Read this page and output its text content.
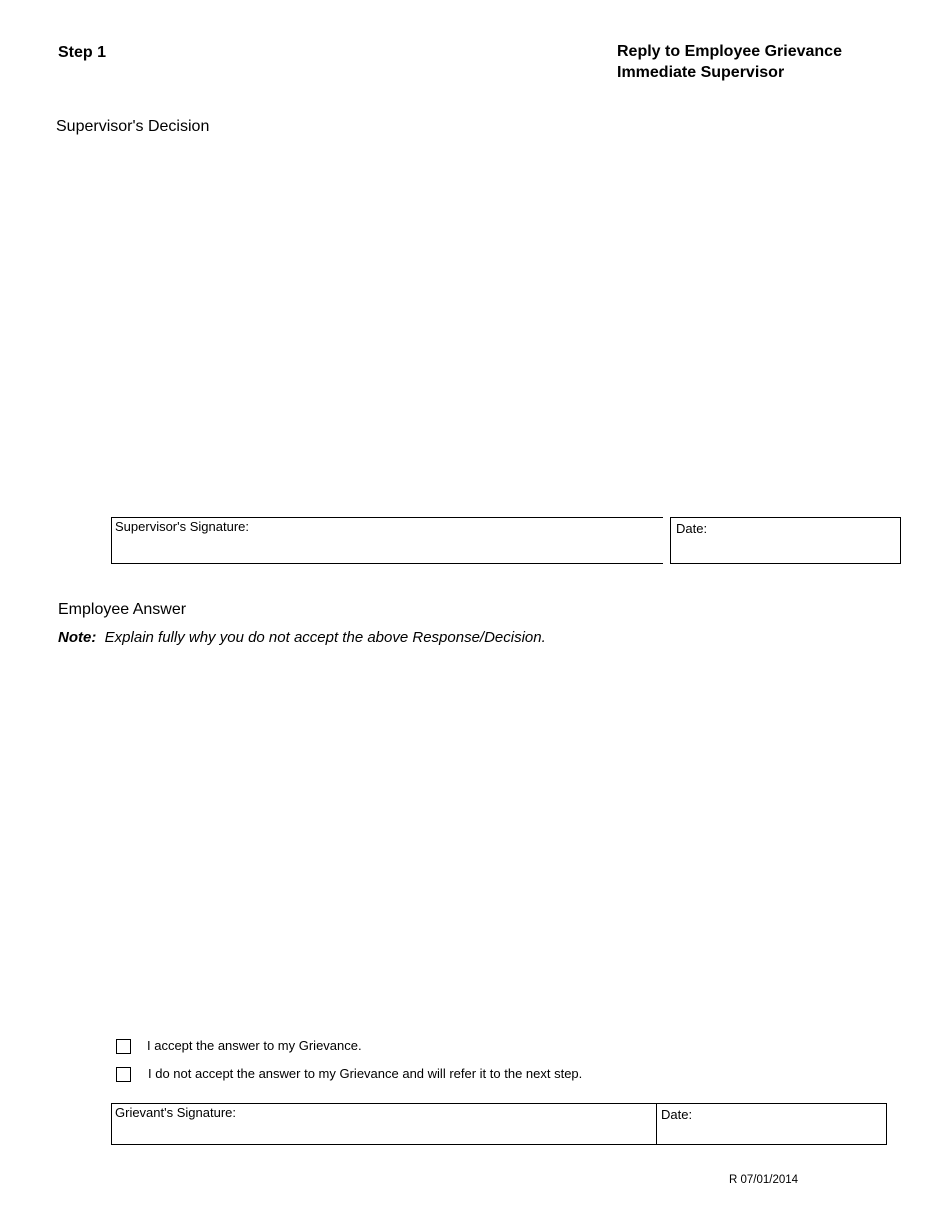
Step 1	Reply to Employee Grievance
Immediate Supervisor
Supervisor's Decision
Supervisor's Signature:	Date:
Employee Answer
Note: Explain fully why you do not accept the above Response/Decision.
I accept the answer to my Grievance.
I do not accept the answer to my Grievance and will refer it to the next step.
Grievant's Signature:	Date:
R 07/01/2014
